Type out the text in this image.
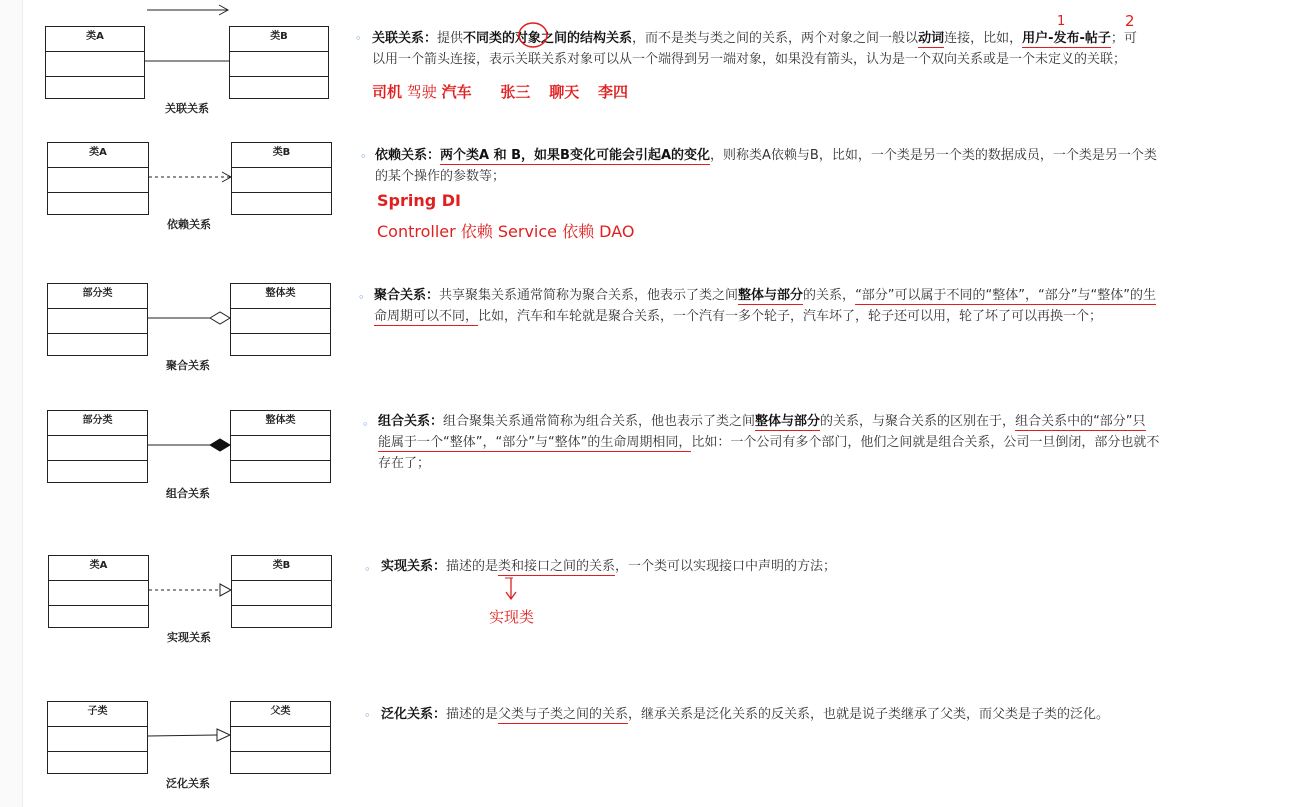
类A	类B
关联关系
◦ 关联关系：提供不同类的对象之间的结构关系，而不是类与类之间的关系，两个对象之间一般以动词连接，比如，用户-发布-帖子；可
以用一个箭头连接，表示关联关系对象可以从一个端得到另一端对象，如果没有箭头，认为是一个双向关系或是一个未定义的关联；
司机 驾驶 汽车 张三 聊天 李四
1	2
类A	类B
依赖关系
◦ 依赖关系：两个类A 和 B，如果B变化可能会引起A的变化，则称类A依赖与B，比如，一个类是另一个类的数据成员，一个类是另一个类
的某个操作的参数等；
Spring DI
Controller 依赖 Service 依赖 DAO
部分类	整体类
聚合关系
◦ 聚合关系：共享聚集关系通常简称为聚合关系，他表示了类之间整体与部分的关系，“部分”可以属于不同的“整体”，“部分”与“整体”的生
命周期可以不同，比如，汽车和车轮就是聚合关系，一个汽有一多个轮子，汽车坏了，轮子还可以用，轮了坏了可以再换一个；
部分类	整体类
组合关系
◦ 组合关系：组合聚集关系通常简称为组合关系，他也表示了类之间整体与部分的关系，与聚合关系的区别在于，组合关系中的“部分”只
能属于一个“整体”，“部分”与“整体”的生命周期相同，比如：一个公司有多个部门，他们之间就是组合关系，公司一旦倒闭，部分也就不
存在了；
类A	类B
实现关系
◦ 实现关系：描述的是类和接口之间的关系，一个类可以实现接口中声明的方法；
实现类
子类	父类
泛化关系
◦ 泛化关系：描述的是父类与子类之间的关系，继承关系是泛化关系的反关系，也就是说子类继承了父类，而父类是子类的泛化。
